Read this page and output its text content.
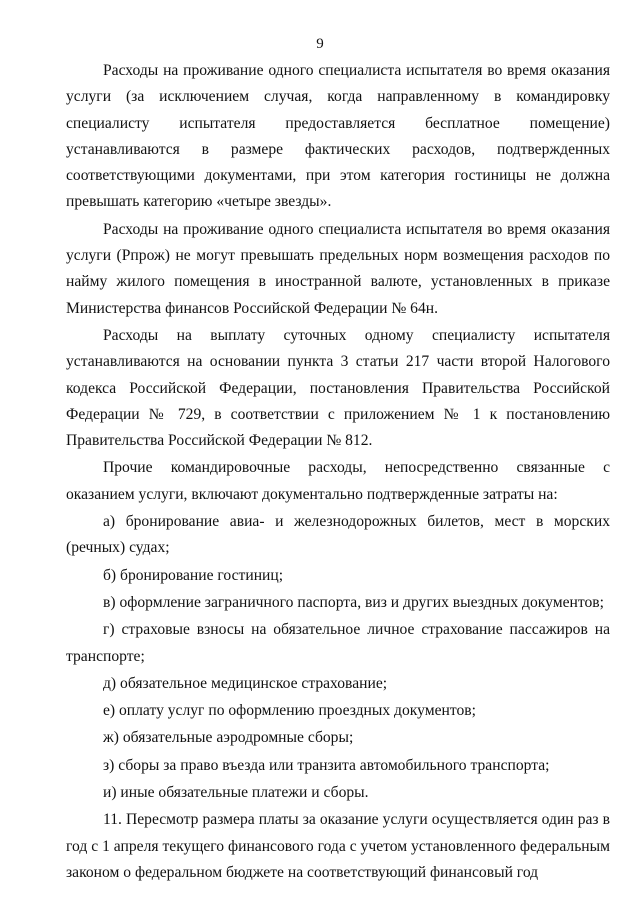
9

Расходы на проживание одного специалиста испытателя во время оказания услуги (за исключением случая, когда направленному в командировку специалисту испытателя предоставляется бесплатное помещение) устанавливаются в размере фактических расходов, подтвержденных соответствующими документами, при этом категория гостиницы не должна превышать категорию «четыре звезды».

Расходы на проживание одного специалиста испытателя во время оказания услуги (Рпрож) не могут превышать предельных норм возмещения расходов по найму жилого помещения в иностранной валюте, установленных в приказе Министерства финансов Российской Федерации № 64н.

Расходы на выплату суточных одному специалисту испытателя устанавливаются на основании пункта 3 статьи 217 части второй Налогового кодекса Российской Федерации, постановления Правительства Российской Федерации № 729, в соответствии с приложением № 1 к постановлению Правительства Российской Федерации № 812.

Прочие командировочные расходы, непосредственно связанные с оказанием услуги, включают документально подтвержденные затраты на:

а) бронирование авиа- и железнодорожных билетов, мест в морских (речных) судах;

б) бронирование гостиниц;

в) оформление заграничного паспорта, виз и других выездных документов;

г) страховые взносы на обязательное личное страхование пассажиров на транспорте;

д) обязательное медицинское страхование;

е) оплату услуг по оформлению проездных документов;

ж) обязательные аэродромные сборы;

з) сборы за право въезда или транзита автомобильного транспорта;

и) иные обязательные платежи и сборы.

11. Пересмотр размера платы за оказание услуги осуществляется один раз в год с 1 апреля текущего финансового года с учетом установленного федеральным законом о федеральном бюджете на соответствующий финансовый год
